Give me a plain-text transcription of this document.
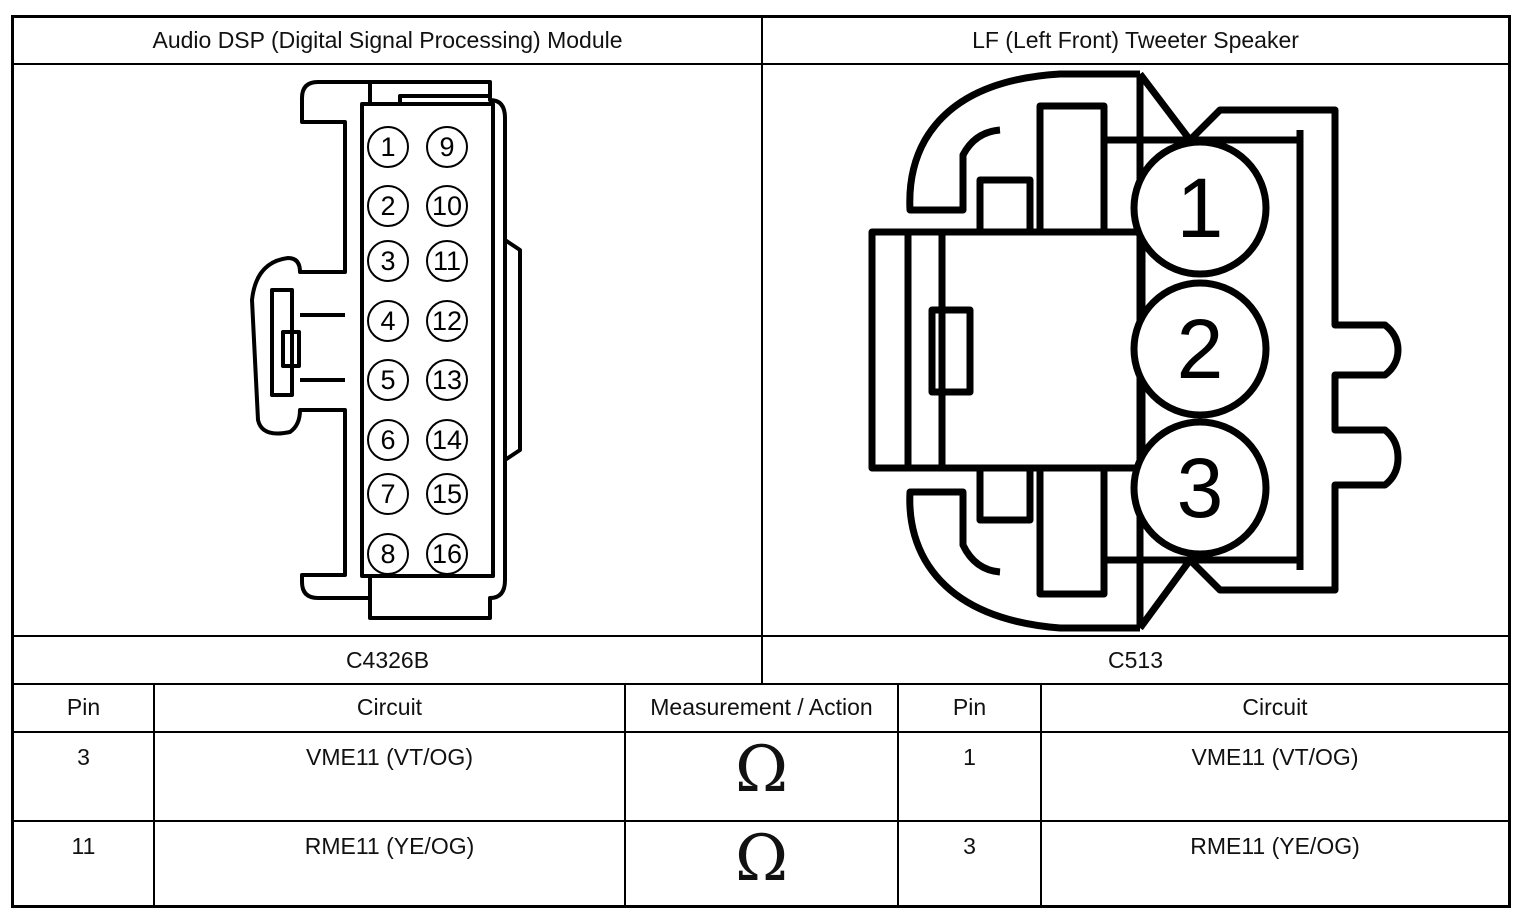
Audio DSP (Digital Signal Processing) Module	LF (Left Front) Tweeter Speaker
C4326B	C513
1
2
3
4
5
6
7
8
9
10
11
12
13
14
15
16
1
2
3
Pin	Circuit	Measurement / Action	Pin	Circuit
3	VME11 (VT/OG)	Ω	1	VME11 (VT/OG)
11	RME11 (YE/OG)	Ω	3	RME11 (YE/OG)
